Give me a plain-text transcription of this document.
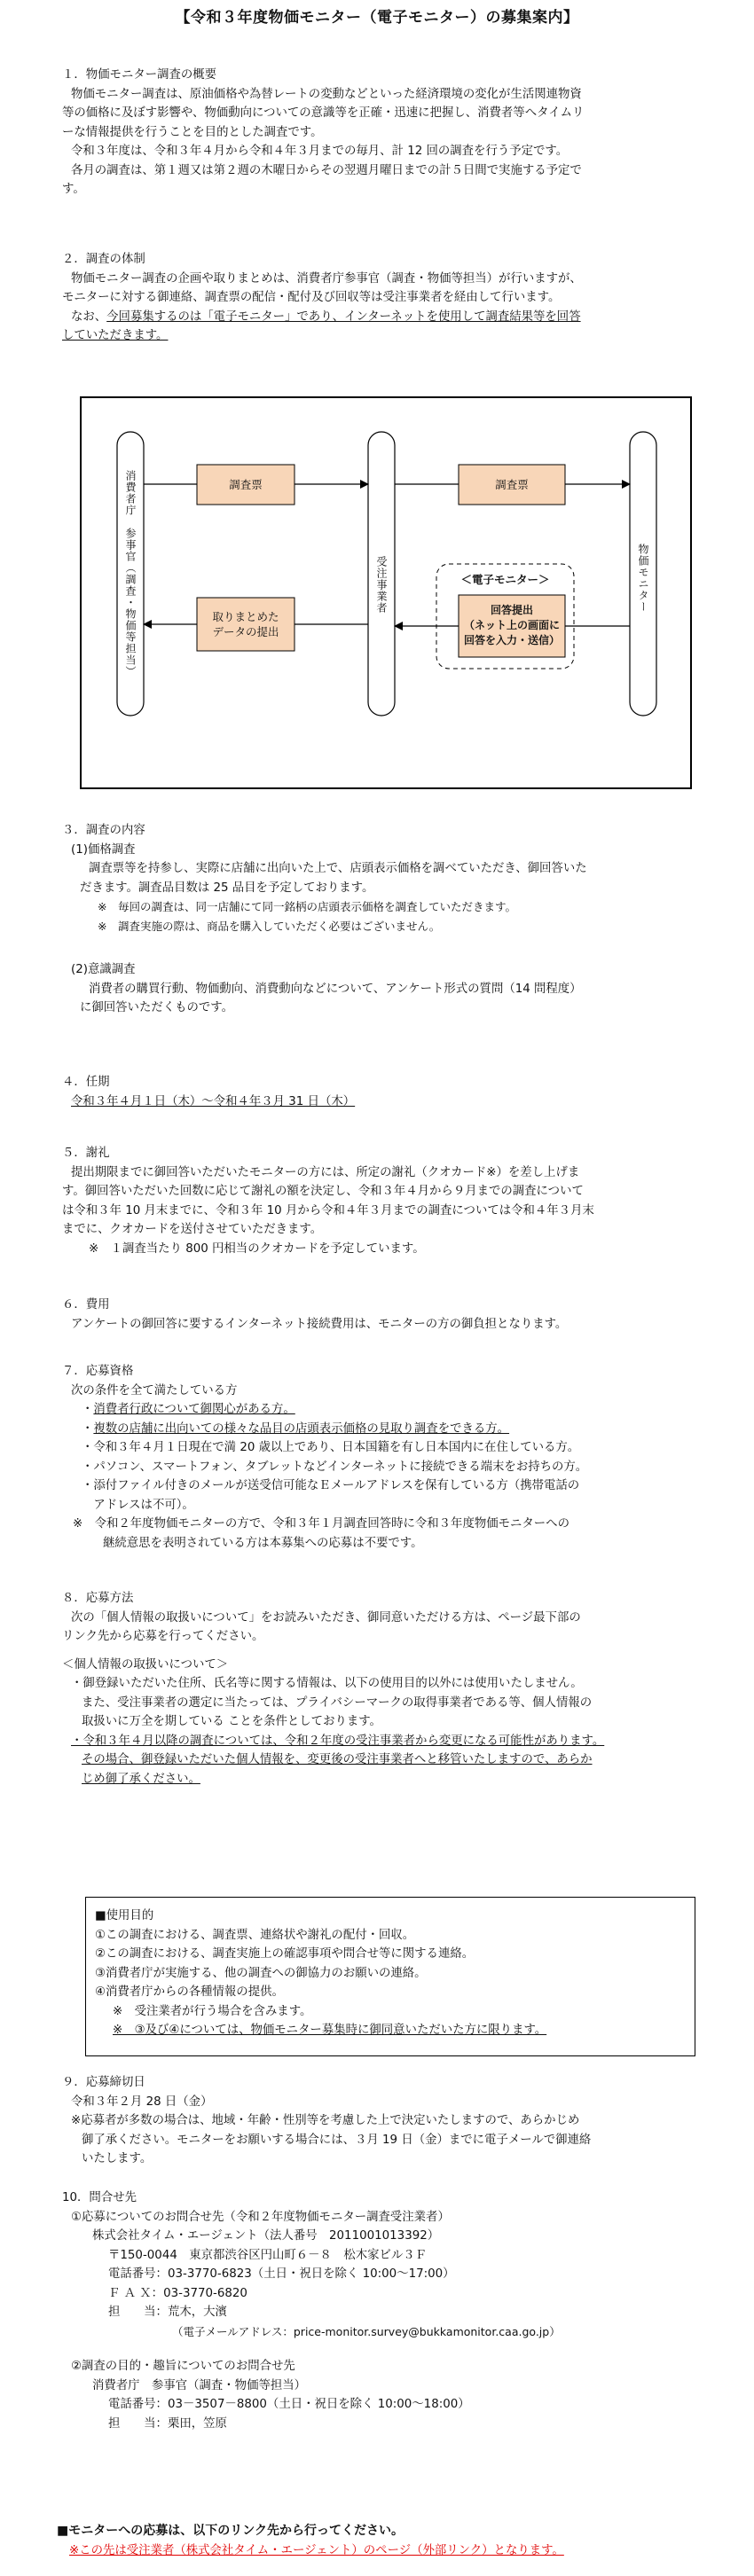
【令和３年度物価モニター（電子モニター）の募集案内】
１．物価モニター調査の概要
物価モニター調査は、原油価格や為替レートの変動などといった経済環境の変化が生活関連物資
等の価格に及ぼす影響や、物価動向についての意識等を正確・迅速に把握し、消費者等へタイムリ
ーな情報提供を行うことを目的とした調査です。
令和３年度は、令和３年４月から令和４年３月までの毎月、計 12 回の調査を行う予定です。
各月の調査は、第１週又は第２週の木曜日からその翌週月曜日までの計５日間で実施する予定で
す。
２．調査の体制
物価モニター調査の企画や取りまとめは、消費者庁参事官（調査・物価等担当）が行いますが、
モニターに対する御連絡、調査票の配信・配付及び回収等は受注事業者を経由して行います。
なお、今回募集するのは「電子モニター」であり、インターネットを使用して調査結果等を回答
していただきます。
消費者庁　参事官（調査・物価等担当）	受注事業者	物価モニター
調査票	調査票
取りまとめた
データの提出
＜電子モニター＞
回答提出
（ネット上の画面に
回答を入力・送信）
３．調査の内容
(1)価格調査
調査票等を持参し、実際に店舗に出向いた上で、店頭表示価格を調べていただき、御回答いた
だきます。調査品目数は 25 品目を予定しております。
※　毎回の調査は、同一店舗にて同一銘柄の店頭表示価格を調査していただきます。
※　調査実施の際は、商品を購入していただく必要はございません。
(2)意識調査
消費者の購買行動、物価動向、消費動向などについて、アンケート形式の質問（14 問程度）
に御回答いただくものです。
４．任期
令和３年４月１日（木）～令和４年３月 31 日（木）
５．謝礼
提出期限までに御回答いただいたモニターの方には、所定の謝礼（クオカード※）を差し上げま
す。御回答いただいた回数に応じて謝礼の額を決定し、令和３年４月から９月までの調査について
は令和３年 10 月末までに、令和３年 10 月から令和４年３月までの調査については令和４年３月末
までに、クオカードを送付させていただきます。
※　１調査当たり 800 円相当のクオカードを予定しています。
６．費用
アンケートの御回答に要するインターネット接続費用は、モニターの方の御負担となります。
７．応募資格
次の条件を全て満たしている方
・消費者行政について御関心がある方。
・複数の店舗に出向いての様々な品目の店頭表示価格の見取り調査をできる方。
・令和３年４月１日現在で満 20 歳以上であり、日本国籍を有し日本国内に在住している方。
・パソコン、スマートフォン、タブレットなどインターネットに接続できる端末をお持ちの方。
・添付ファイル付きのメールが送受信可能なＥメールアドレスを保有している方（携帯電話の
　アドレスは不可）。
※　令和２年度物価モニターの方で、令和３年１月調査回答時に令和３年度物価モニターへの
継続意思を表明されている方は本募集への応募は不要です。
８．応募方法
次の「個人情報の取扱いについて」をお読みいただき、御同意いただける方は、ページ最下部の
リンク先から応募を行ってください。
＜個人情報の取扱いについて＞
・御登録いただいた住所、氏名等に関する情報は、以下の使用目的以外には使用いたしません。
また、受注事業者の選定に当たっては、プライバシーマークの取得事業者である等、個人情報の
取扱いに万全を期している ことを条件としております。
・令和３年４月以降の調査については、令和２年度の受注事業者から変更になる可能性があります。
その場合、御登録いただいた個人情報を、変更後の受注事業者へと移管いたしますので、あらか
じめ御了承ください。
■使用目的
①この調査における、調査票、連絡状や謝礼の配付・回収。
②この調査における、調査実施上の確認事項や問合せ等に関する連絡。
③消費者庁が実施する、他の調査への御協力のお願いの連絡。
④消費者庁からの各種情報の提供。
※　受注業者が行う場合を含みます。
※　③及び④については、物価モニター募集時に御同意いただいた方に限ります。
９．応募締切日
令和３年２月 28 日（金）
※応募者が多数の場合は、地域・年齢・性別等を考慮した上で決定いたしますので、あらかじめ
御了承ください。モニターをお願いする場合には、３月 19 日（金）までに電子メールで御連絡
いたします。
10．問合せ先
①応募についてのお問合せ先（令和２年度物価モニター調査受注業者）
株式会社タイム・エージェント（法人番号　2011001013392）
〒150-0044　東京都渋谷区円山町６－８　松木家ビル３Ｆ
電話番号：03-3770-6823（土日・祝日を除く 10:00～17:00）
Ｆ Ａ Ｘ：03-3770-6820
担　　当：荒木，大濱
（電子メールアドレス：price-monitor.survey@bukkamonitor.caa.go.jp）
②調査の目的・趣旨についてのお問合せ先
消費者庁　参事官（調査・物価等担当）
電話番号：03－3507－8800（土日・祝日を除く 10:00～18:00）
担　　当：栗田，笠原
■モニターへの応募は、以下のリンク先から行ってください。
※この先は受注業者（株式会社タイム・エージェント）のページ（外部リンク）となります。
